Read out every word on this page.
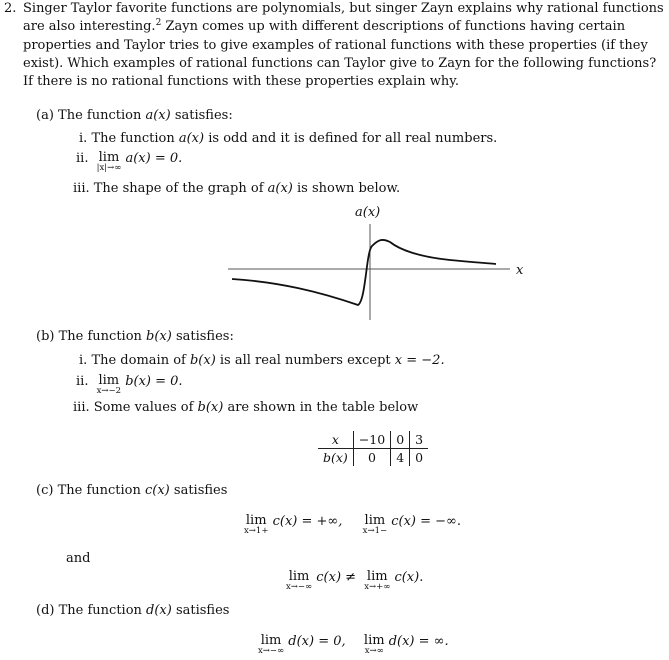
2. Singer Taylor favorite functions are polynomials, but singer Zayn explains why rational functions
are also interesting.$^2$ Zayn comes up with different descriptions of functions having certain
properties and Taylor tries to give examples of rational functions with these properties (if they
exist). Which examples of rational functions can Taylor give to Zayn for the following functions?
If there is no rational functions with these properties explain why.
(a) The function a(x) satisfies:
i. The function a(x) is odd and it is defined for all real numbers.
ii. lim
|x|→∞
a(x) = 0.
iii. The shape of the graph of a(x) is shown below.
a(x)
x
(b) The function b(x) satisfies:
i. The domain of b(x) is all real numbers except x = −2.
ii. lim
x→−2
b(x) = 0.
iii. Some values of b(x) are shown in the table below
x	−10	0	3
b(x)	0	4	0
(c) The function c(x) satisfies
lim
x→1+
c(x) = +∞, lim
x→1−
c(x) = −∞.
and
lim
x→−∞
c(x) ≠ lim
x→+∞
c(x).
(d) The function d(x) satisfies
lim
x→−∞
d(x) = 0, lim
x→∞
d(x) = ∞.
